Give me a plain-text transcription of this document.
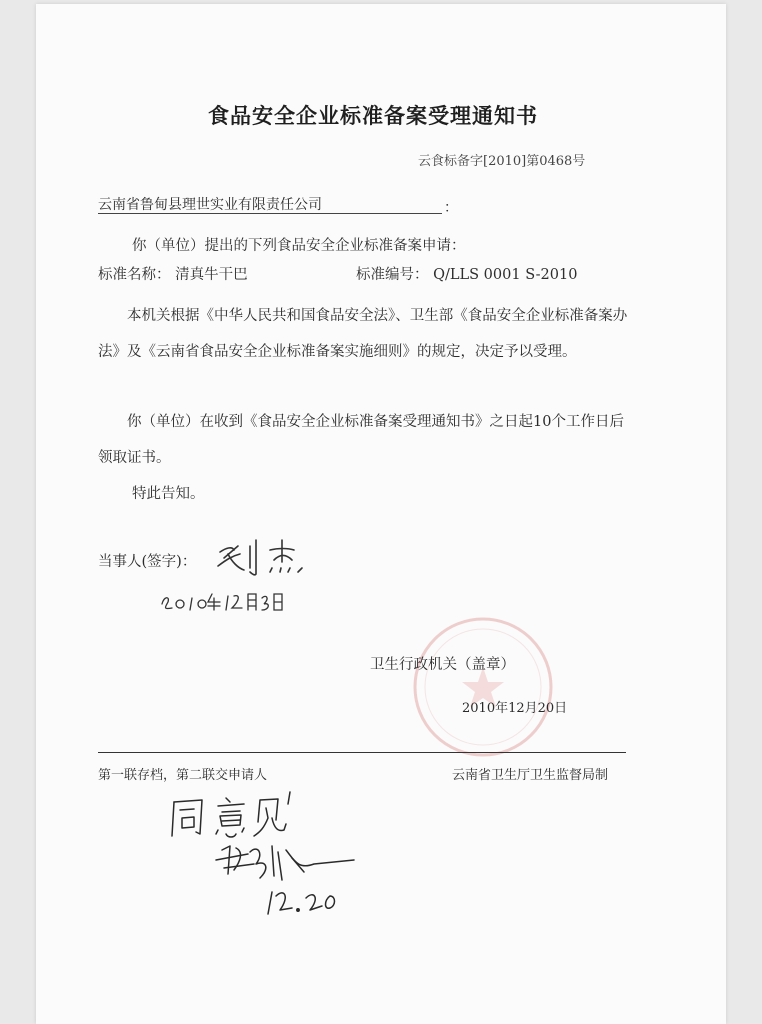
食品安全企业标准备案受理通知书
云食标备字[2010]第0468号
云南省鲁甸县理世实业有限责任公司	：
你（单位）提出的下列食品安全企业标准备案申请：
标准名称： 清真牛干巴	标准编号： Q/LLS 0001 S-2010
本机关根据《中华人民共和国食品安全法》、卫生部《食品安全企业标准备案办法》及《云南省食品安全企业标准备案实施细则》的规定，决定予以受理。
你（单位）在收到《食品安全企业标准备案受理通知书》之日起10个工作日后领取证书。
特此告知。
当事人(签字)：
卫生行政机关（盖章）
2010年12月20日
第一联存档，第二联交申请人	云南省卫生厅卫生监督局制
